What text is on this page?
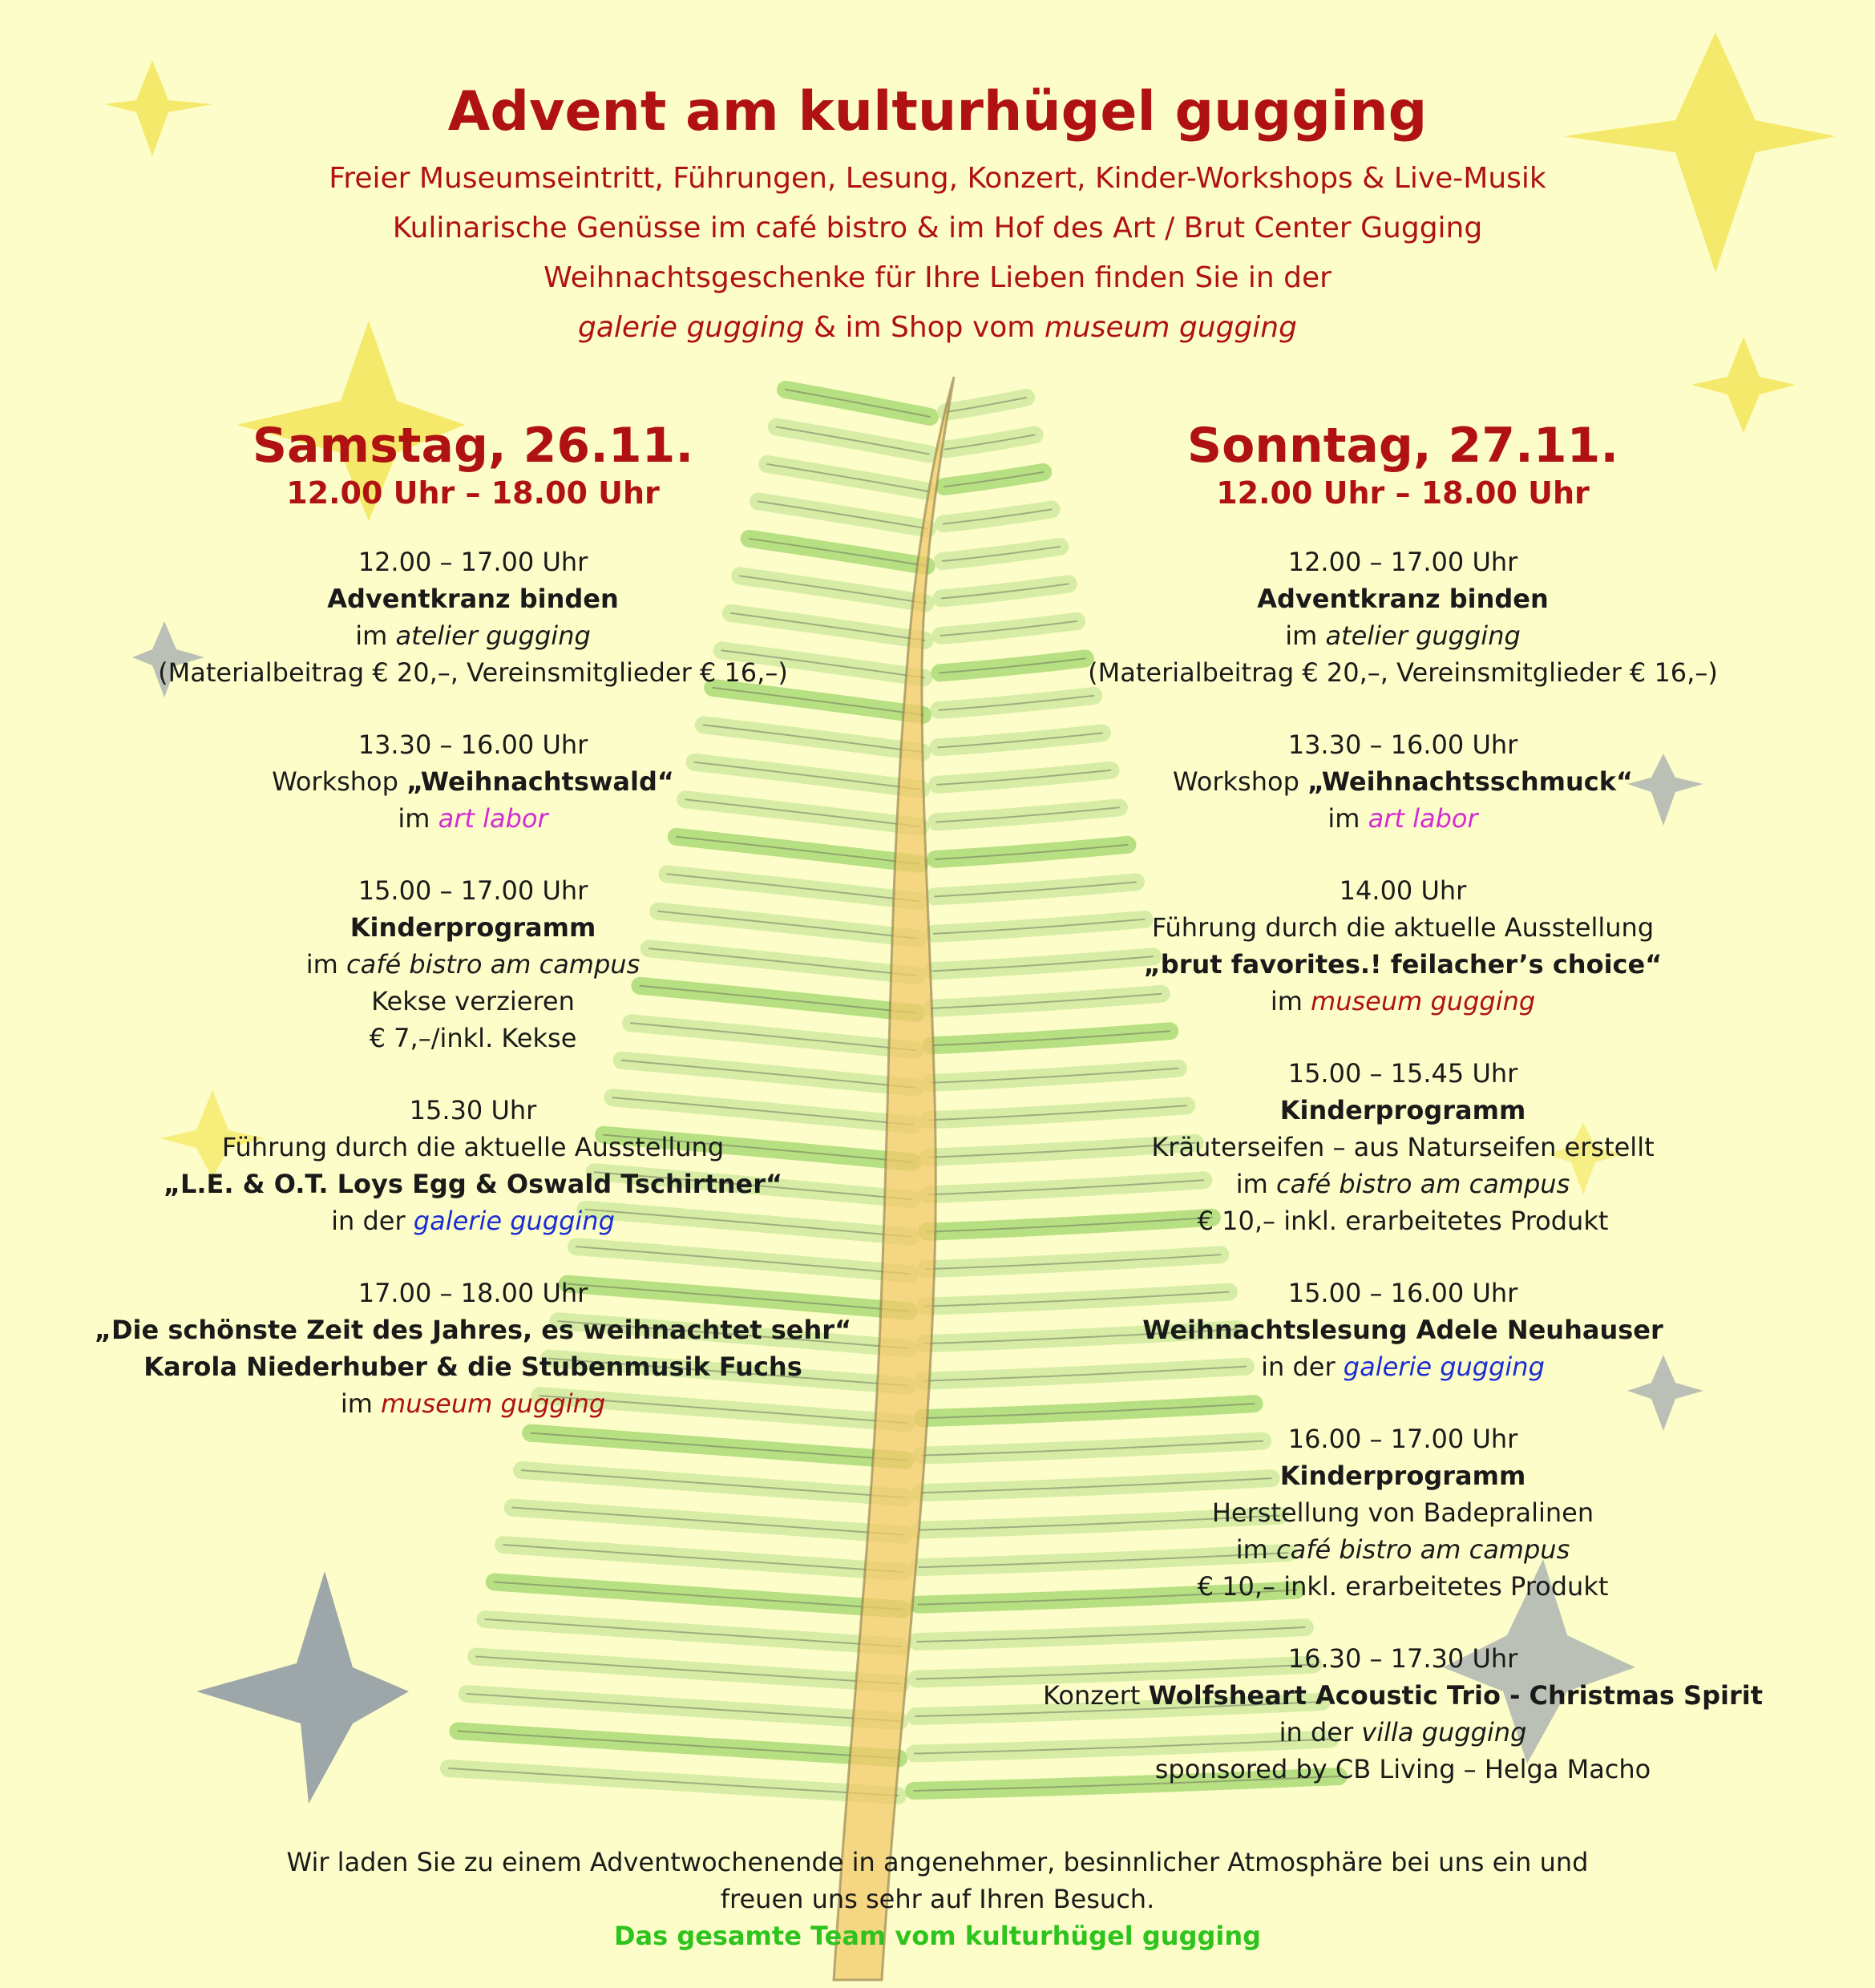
Advent am kulturhügel gugging
Freier Museumseintritt, Führungen, Lesung, Konzert, Kinder-Workshops & Live-Musik
Kulinarische Genüsse im café bistro & im Hof des Art / Brut Center Gugging
Weihnachtsgeschenke für Ihre Lieben finden Sie in der
galerie gugging & im Shop vom museum gugging
Samstag, 26.11.
12.00 Uhr – 18.00 Uhr
12.00 – 17.00 Uhr
Adventkranz binden
im atelier gugging
(Materialbeitrag € 20,–, Vereinsmitglieder € 16,–)
13.30 – 16.00 Uhr
Workshop „Weihnachtswald“
im art labor
15.00 – 17.00 Uhr
Kinderprogramm
im café bistro am campus
Kekse verzieren
€ 7,–/inkl. Kekse
15.30 Uhr
Führung durch die aktuelle Ausstellung
„L.E. & O.T. Loys Egg & Oswald Tschirtner“
in der galerie gugging
17.00 – 18.00 Uhr
„Die schönste Zeit des Jahres, es weihnachtet sehr“
Karola Niederhuber & die Stubenmusik Fuchs
im museum gugging
Sonntag, 27.11.
12.00 Uhr – 18.00 Uhr
12.00 – 17.00 Uhr
Adventkranz binden
im atelier gugging
(Materialbeitrag € 20,–, Vereinsmitglieder € 16,–)
13.30 – 16.00 Uhr
Workshop „Weihnachtsschmuck“
im art labor
14.00 Uhr
Führung durch die aktuelle Ausstellung
„brut favorites.! feilacher’s choice“
im museum gugging
15.00 – 15.45 Uhr
Kinderprogramm
Kräuterseifen – aus Naturseifen erstellt
im café bistro am campus
€ 10,– inkl. erarbeitetes Produkt
15.00 – 16.00 Uhr
Weihnachtslesung Adele Neuhauser
in der galerie gugging
16.00 – 17.00 Uhr
Kinderprogramm
Herstellung von Badepralinen
im café bistro am campus
€ 10,– inkl. erarbeitetes Produkt
16.30 – 17.30 Uhr
Konzert Wolfsheart Acoustic Trio - Christmas Spirit
in der villa gugging
sponsored by CB Living – Helga Macho
Wir laden Sie zu einem Adventwochenende in angenehmer, besinnlicher Atmosphäre bei uns ein und
freuen uns sehr auf Ihren Besuch.
Das gesamte Team vom kulturhügel gugging
